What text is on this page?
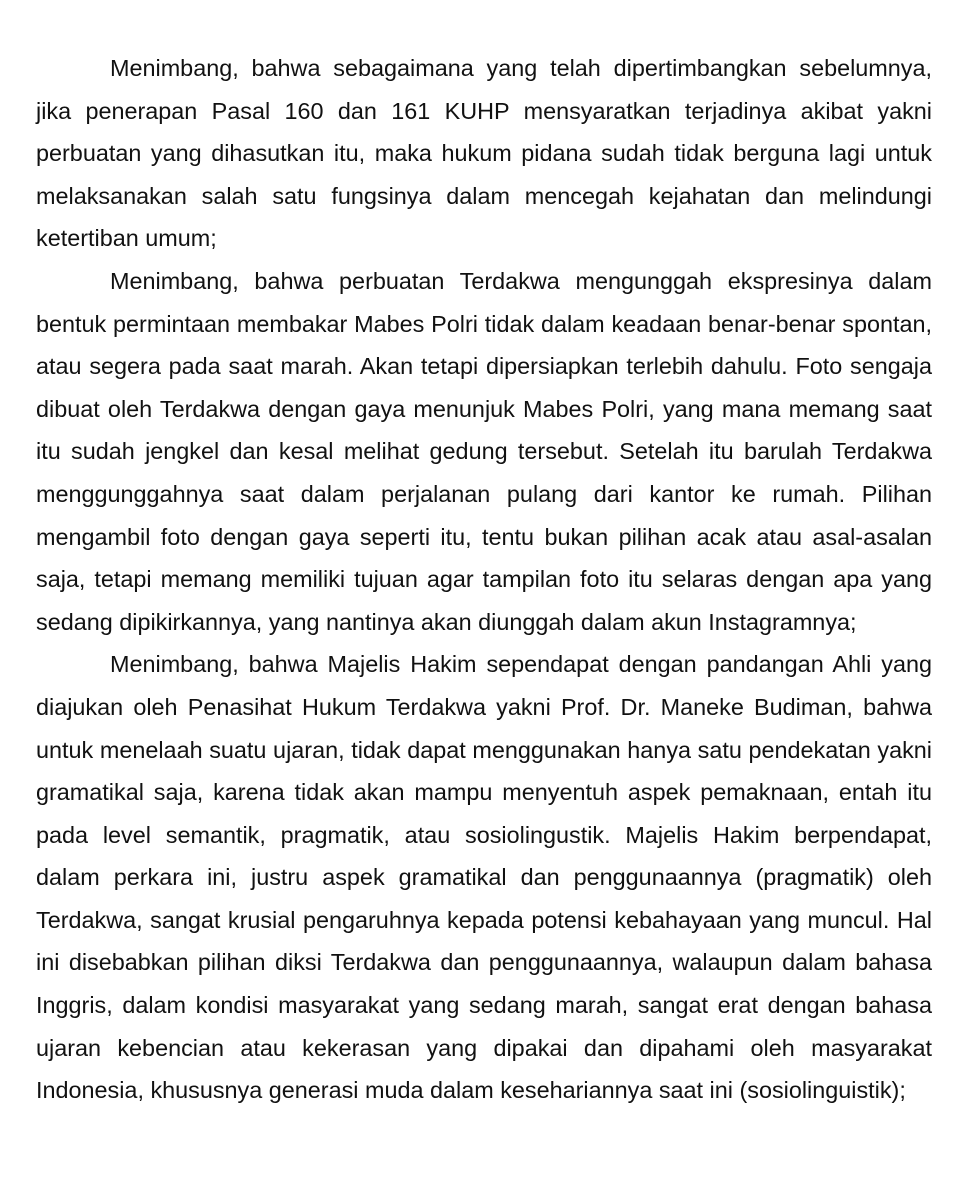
Menimbang, bahwa sebagaimana yang telah dipertimbangkan sebelumnya, jika penerapan Pasal 160 dan 161 KUHP mensyaratkan terjadinya akibat yakni perbuatan yang dihasutkan itu, maka hukum pidana sudah tidak berguna lagi untuk melaksanakan salah satu fungsinya dalam mencegah kejahatan dan melindungi ketertiban umum;

Menimbang, bahwa perbuatan Terdakwa mengunggah ekspresinya dalam bentuk permintaan membakar Mabes Polri tidak dalam keadaan benar-benar spontan, atau segera pada saat marah. Akan tetapi dipersiapkan terlebih dahulu. Foto sengaja dibuat oleh Terdakwa dengan gaya menunjuk Mabes Polri, yang mana memang saat itu sudah jengkel dan kesal melihat gedung tersebut. Setelah itu barulah Terdakwa menggunggahnya saat dalam perjalanan pulang dari kantor ke rumah. Pilihan mengambil foto dengan gaya seperti itu, tentu bukan pilihan acak atau asal-asalan saja, tetapi memang memiliki tujuan agar tampilan foto itu selaras dengan apa yang sedang dipikirkannya, yang nantinya akan diunggah dalam akun Instagramnya;

Menimbang, bahwa Majelis Hakim sependapat dengan pandangan Ahli yang diajukan oleh Penasihat Hukum Terdakwa yakni Prof. Dr. Maneke Budiman, bahwa untuk menelaah suatu ujaran, tidak dapat menggunakan hanya satu pendekatan yakni gramatikal saja, karena tidak akan mampu menyentuh aspek pemaknaan, entah itu pada level semantik, pragmatik, atau sosiolingustik. Majelis Hakim berpendapat, dalam perkara ini, justru aspek gramatikal dan penggunaannya (pragmatik) oleh Terdakwa, sangat krusial pengaruhnya kepada potensi kebahayaan yang muncul. Hal ini disebabkan pilihan diksi Terdakwa dan penggunaannya, walaupun dalam bahasa Inggris, dalam kondisi masyarakat yang sedang marah, sangat erat dengan bahasa ujaran kebencian atau kekerasan yang dipakai dan dipahami oleh masyarakat Indonesia, khususnya generasi muda dalam kesehariannya saat ini (sosiolinguistik);
